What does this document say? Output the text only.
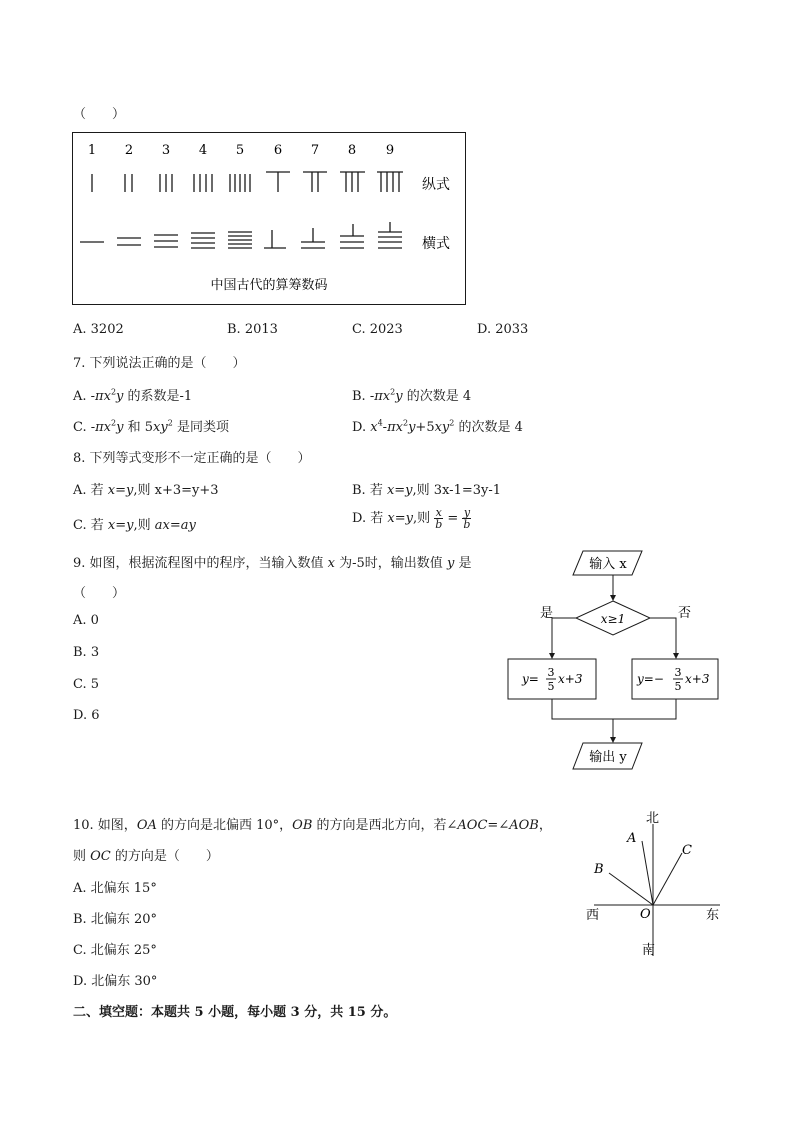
（　　）
1 2 3 4 5 6 7 8 9
纵式
横式
中国古代的算筹数码
A. 3202	B. 2013	C. 2023	D. 2033
7. 下列说法正确的是（　　）
A. $-\pi x^2y$ 的系数是-1	B. $-\pi x^2y$ 的次数是 4
C. $-\pi x^2y$ 和 $5xy^2$ 是同类项	D. $x^4-\pi x^2y+5xy^2$ 的次数是 4
8. 下列等式变形不一定正确的是（　　）
A. 若 x=y,则 x+3=y+3	B. 若 x=y,则 3x-1=3y-1
C. 若 x=y,则 ax=ay	D. 若 x=y,则 $\frac{x}{b} = \frac{y}{b}$
9. 如图，根据流程图中的程序，当输入数值 x 为-5时，输出数值 y 是
（　　）
A. 0
B. 3
C. 5
D. 6
输入 x
x≥1
是	否
y= 3
5
x+3	y=− 3
5
x+3
输出 y
10. 如图，OA 的方向是北偏西 10°，OB 的方向是西北方向，若∠AOC=∠AOB，
则 OC 的方向是（　　）
A. 北偏东 15°
B. 北偏东 20°
C. 北偏东 25°
D. 北偏东 30°
北
南
西	东
A
B
C
O
二、填空题：本题共 5 小题，每小题 3 分，共 15 分。
